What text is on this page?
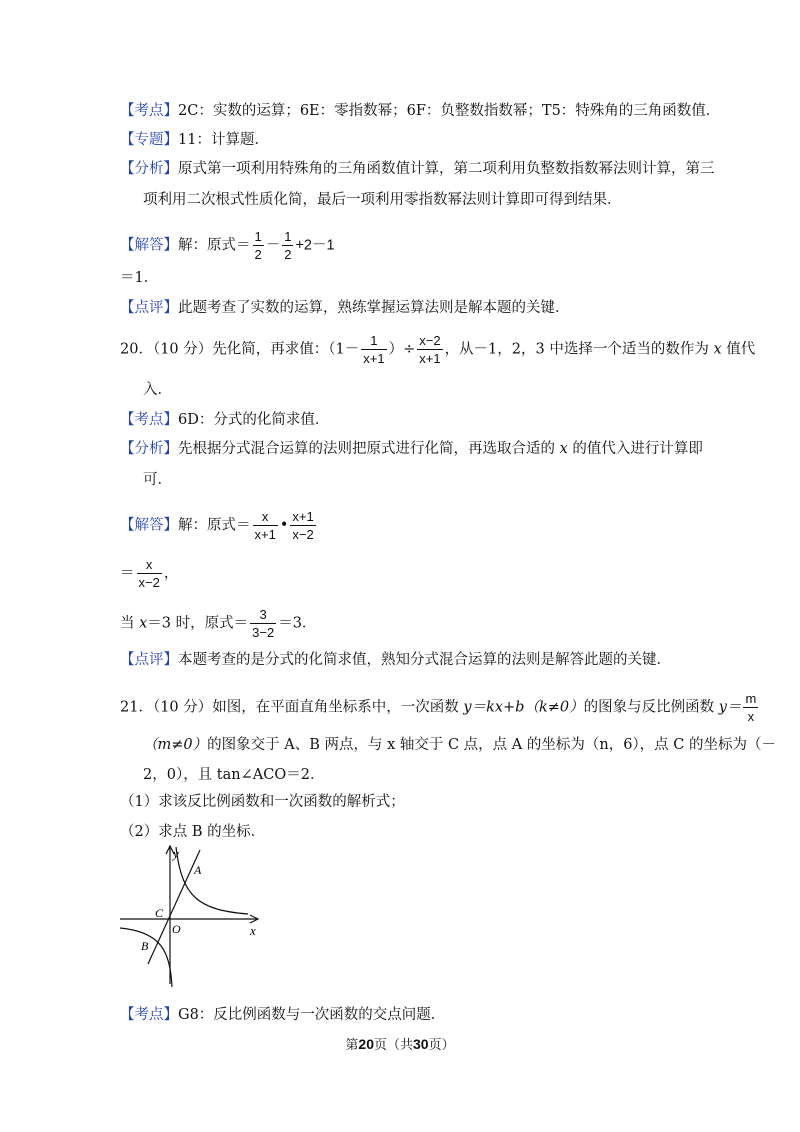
【考点】2C：实数的运算；6E：零指数幂；6F：负整数指数幂；T5：特殊角的三角函数值．
【专题】11：计算题．
【分析】原式第一项利用特殊角的三角函数值计算，第二项利用负整数指数幂法则计算，第三
项利用二次根式性质化简，最后一项利用零指数幂法则计算即可得到结果．
【解答】解：原式＝ $\frac{1}{2} - \frac{1}{2} +2-1$
＝1．
【点评】此题考查了实数的运算，熟练掌握运算法则是解本题的关键．
20．（10 分）先化简，再求值：（$1- \frac{1}{x+1}$ ）÷ $\frac{x-2}{x+1}$ ，从－1，2，3 中选择一个适当的数作为 x 值代
入．
【考点】6D：分式的化简求值．
【分析】先根据分式混合运算的法则把原式进行化简，再选取合适的 x 的值代入进行计算即
可．
【解答】解：原式＝ $\frac{x}{x+1}$ • $\frac{x+1}{x-2}$
＝ $\frac{x}{x-2}$ ，
当 x＝3 时，原式＝ $\frac{3}{3-2} =3$．
【点评】本题考查的是分式的化简求值，熟知分式混合运算的法则是解答此题的关键．
21．（10 分）如图，在平面直角坐标系中，一次函数 y＝kx+b（k≠0）的图象与反比例函数 $y= \frac{m}{x}$
（m≠0）的图象交于 A、B 两点，与 x 轴交于 C 点，点 A 的坐标为（n，6），点 C 的坐标为（－
2，0），且 tan∠ACO＝2．
（1）求该反比例函数和一次函数的解析式；
（2）求点 B 的坐标．
y
x
O
A
B
C
【考点】G8：反比例函数与一次函数的交点问题．
第20页（共30页）
